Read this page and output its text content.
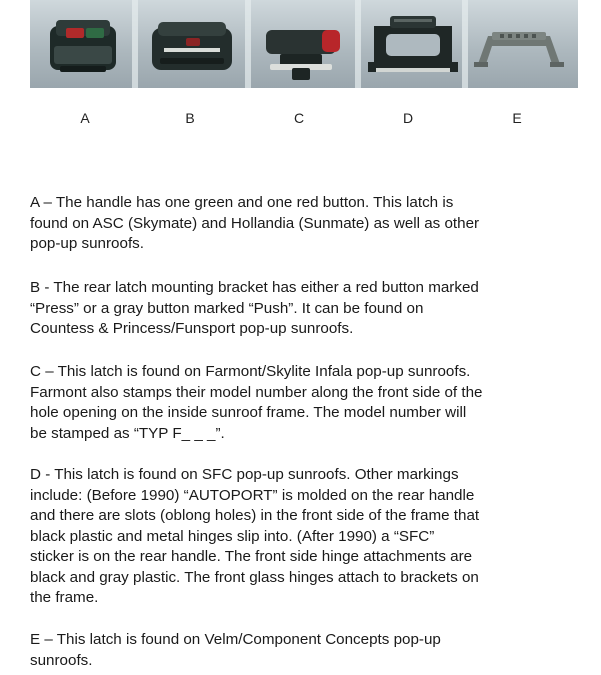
A	B	C	D	E
A – The handle has one green and one red button. This latch is
found on ASC (Skymate) and Hollandia (Sunmate) as well as other
pop-up sunroofs.
B - The rear latch mounting bracket has either a red button marked
“Press” or a gray button marked “Push”. It can be found on
Countess & Princess/Funsport pop-up sunroofs.
C – This latch is found on Farmont/Skylite Infala pop-up sunroofs.
Farmont also stamps their model number along the front side of the
hole opening on the inside sunroof frame. The model number will
be stamped as “TYP F_ _ _”.
D - This latch is found on SFC pop-up sunroofs. Other markings
include: (Before 1990) “AUTOPORT” is molded on the rear handle
and there are slots (oblong holes) in the front side of the frame that
black plastic and metal hinges slip into. (After 1990) a “SFC”
sticker is on the rear handle. The front side hinge attachments are
black and gray plastic. The front glass hinges attach to brackets on
the frame.
E – This latch is found on Velm/Component Concepts pop-up
sunroofs.
